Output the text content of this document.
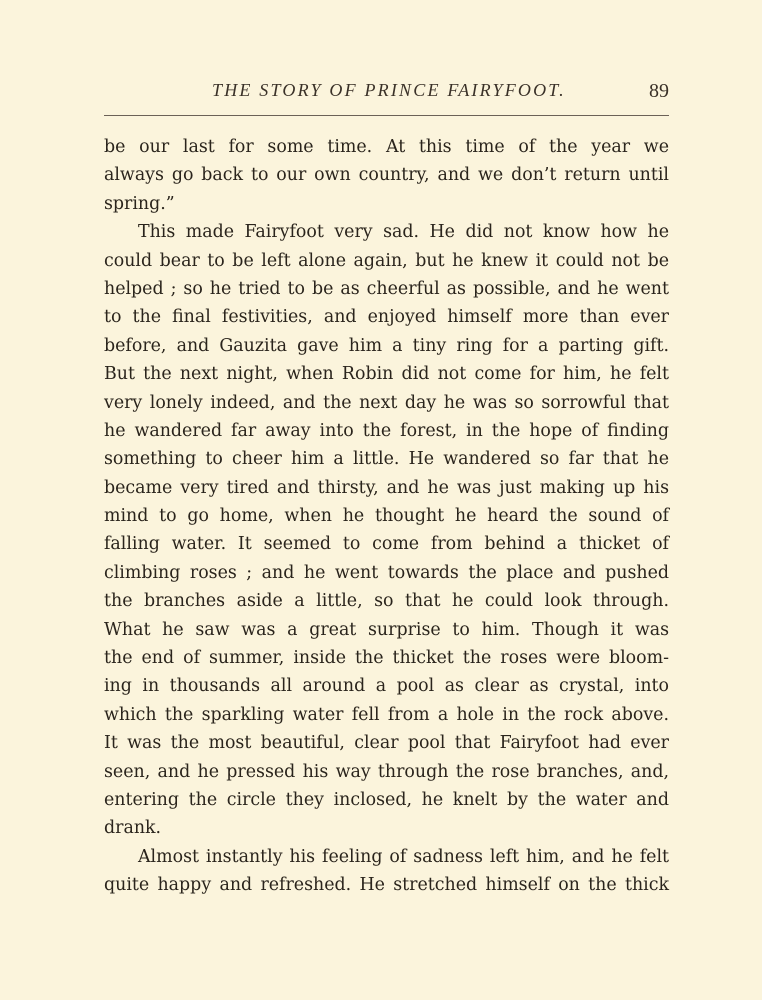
THE STORY OF PRINCE FAIRYFOOT.	89
be our last for some time. At this time of the year we
always go back to our own country, and we don’t return until
spring.”
This made Fairyfoot very sad. He did not know how he
could bear to be left alone again, but he knew it could not be
helped ; so he tried to be as cheerful as possible, and he went
to the final festivities, and enjoyed himself more than ever
before, and Gauzita gave him a tiny ring for a parting gift.
But the next night, when Robin did not come for him, he felt
very lonely indeed, and the next day he was so sorrowful that
he wandered far away into the forest, in the hope of finding
something to cheer him a little. He wandered so far that he
became very tired and thirsty, and he was just making up his
mind to go home, when he thought he heard the sound of
falling water. It seemed to come from behind a thicket of
climbing roses ; and he went towards the place and pushed
the branches aside a little, so that he could look through.
What he saw was a great surprise to him. Though it was
the end of summer, inside the thicket the roses were bloom-
ing in thousands all around a pool as clear as crystal, into
which the sparkling water fell from a hole in the rock above.
It was the most beautiful, clear pool that Fairyfoot had ever
seen, and he pressed his way through the rose branches, and,
entering the circle they inclosed, he knelt by the water and
drank.
Almost instantly his feeling of sadness left him, and he felt
quite happy and refreshed. He stretched himself on the thick
